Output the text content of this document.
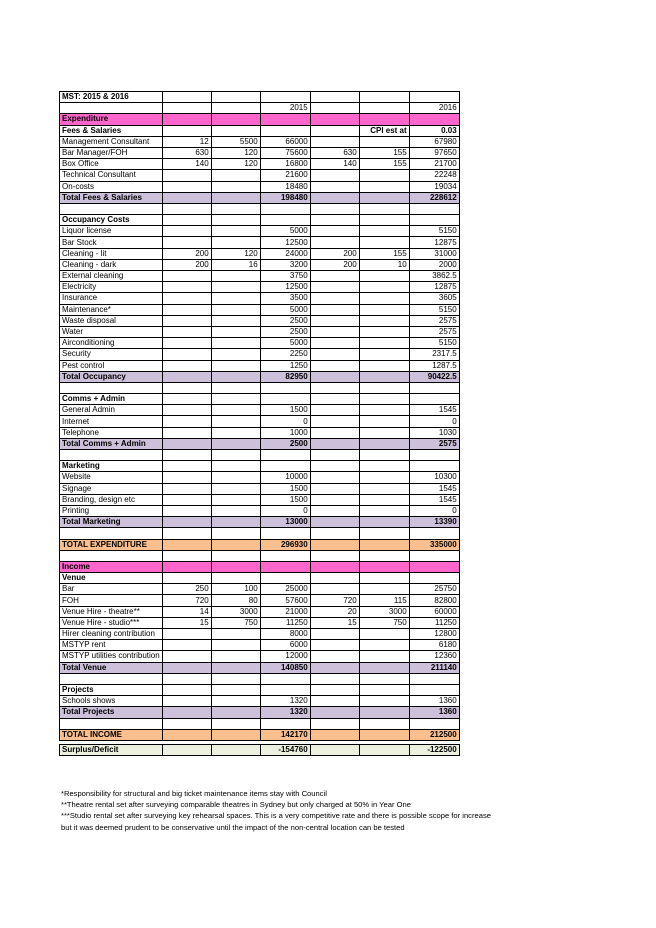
MST: 2015 & 2016						
			2015			2016
Expenditure						
Fees & Salaries					CPI est at	0.03
Management Consultant	12	5500	66000			67980
Bar Manager/FOH	630	120	75600	630	155	97650
Box Office	140	120	16800	140	155	21700
Technical Consultant			21600			22248
On-costs			18480			19034
Total Fees & Salaries			198480			228612

Occupancy Costs						
Liquor license			5000			5150
Bar Stock			12500			12875
Cleaning - lit	200	120	24000	200	155	31000
Cleaning - dark	200	16	3200	200	10	2000
External cleaning			3750			3862.5
Electricity			12500			12875
Insurance			3500			3605
Maintenance*			5000			5150
Waste disposal			2500			2575
Water			2500			2575
Airconditioning			5000			5150
Security			2250			2317.5
Pest control			1250			1287.5
Total Occupancy			82950			90422.5

Comms + Admin						
General Admin			1500			1545
Internet			0			0
Telephone			1000			1030
Total Comms + Admin			2500			2575

Marketing						
Website			10000			10300
Signage			1500			1545
Branding, design etc			1500			1545
Printing			0			0
Total Marketing			13000			13390

TOTAL EXPENDITURE			296930			335000

Income						
Venue						
Bar	250	100	25000			25750
FOH	720	80	57600	720	115	82800
Venue Hire - theatre**	14	3000	21000	20	3000	60000
Venue Hire - studio***	15	750	11250	15	750	11250
Hirer cleaning contribution			8000			12800
MSTYP rent			6000			6180
MSTYP utilities contribution			12000			12360
Total Venue			140850			211140

Projects						
Schools shows			1320			1360
Total Projects			1320			1360

TOTAL INCOME			142170			212500

Surplus/Deficit			-154760			-122500
*Responsibility for structural and big ticket maintenance items stay with Council
**Theatre rental set after surveying comparable theatres in Sydney but only charged at 50% in Year One
***Studio rental set after surveying key rehearsal spaces. This is a very competitive rate and there is possible scope for increase
but it was deemed prudent to be conservative until the impact of the non-central location can be tested
